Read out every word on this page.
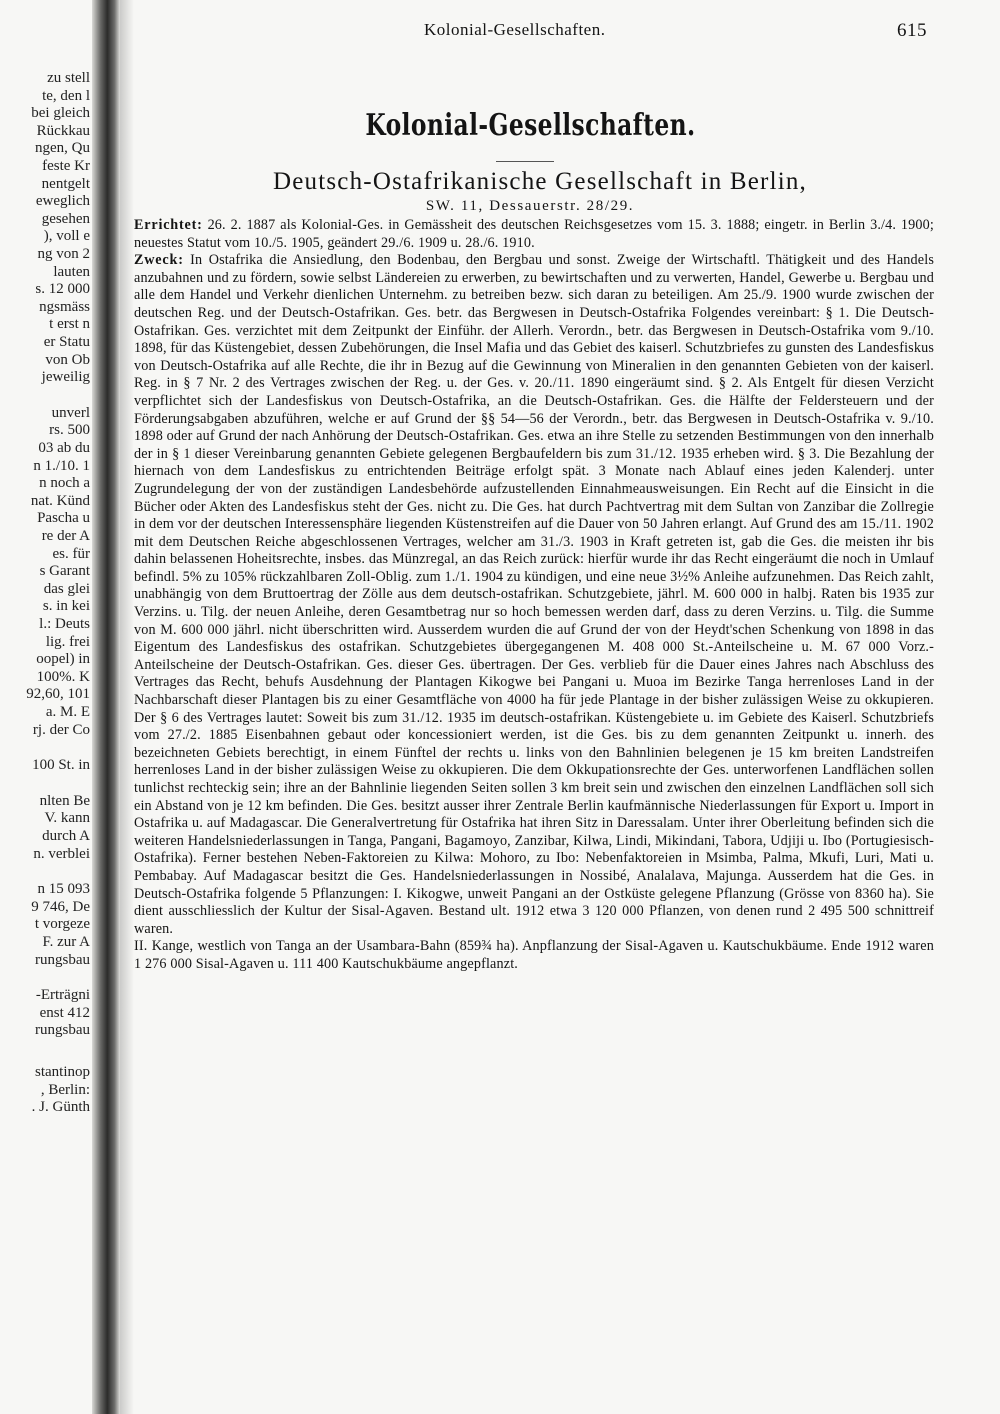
zu stell
te, den l
bei gleich
Rückkau
ngen, Qu
feste Kr
nentgelt
eweglich
gesehen
), voll e
ng von 2
lauten
s. 12 000
ngsmäss
t erst n
er Statu
von Ob
jeweilig
unverl
rs. 500
03 ab du
n 1./10. 1
n noch a
nat. Künd
Pascha u
re der A
es. für
s Garant
das glei
s. in kei
l.: Deuts
lig. frei
oopel) in
100%. K
92,60, 101
a. M. E
rj. der Co
100 St. in
nlten Be
V. kann
durch A
n. verblei
n 15 093
9 746, De
t vorgeze
F. zur A
rungsbau
-Erträgni
enst 412
rungsbau
stantinop
, Berlin:
. J. Günth
Kolonial-Gesellschaften.	615
Kolonial-Gesellschaften.
Deutsch-Ostafrikanische Gesellschaft in Berlin,
SW. 11, Dessauerstr. 28/29.

Errichtet: 26. 2. 1887 als Kolonial-Ges. in Gemässheit des deutschen Reichsgesetzes vom 15. 3. 1888; eingetr. in Berlin 3./4. 1900; neuestes Statut vom 10./5. 1905, geändert 29./6. 1909 u. 28./6. 1910.

Zweck: In Ostafrika die Ansiedlung, den Bodenbau, den Bergbau und sonst. Zweige der Wirtschaftl. Thätigkeit und des Handels anzubahnen und zu fördern, sowie selbst Ländereien zu erwerben, zu bewirtschaften und zu verwerten, Handel, Gewerbe u. Bergbau und alle dem Handel und Verkehr dienlichen Unternehm. zu betreiben bezw. sich daran zu beteiligen. Am 25./9. 1900 wurde zwischen der deutschen Reg. und der Deutsch-Ostafrikan. Ges. betr. das Bergwesen in Deutsch-Ostafrika Folgendes vereinbart: § 1. Die Deutsch-Ostafrikan. Ges. verzichtet mit dem Zeitpunkt der Einführ. der Allerh. Verordn., betr. das Bergwesen in Deutsch-Ostafrika vom 9./10. 1898, für das Küstengebiet, dessen Zubehörungen, die Insel Mafia und das Gebiet des kaiserl. Schutzbriefes zu gunsten des Landesfiskus von Deutsch-Ostafrika auf alle Rechte, die ihr in Bezug auf die Gewinnung von Mineralien in den genannten Gebieten von der kaiserl. Reg. in § 7 Nr. 2 des Vertrages zwischen der Reg. u. der Ges. v. 20./11. 1890 eingeräumt sind. § 2. Als Entgelt für diesen Verzicht verpflichtet sich der Landesfiskus von Deutsch-Ostafrika, an die Deutsch-Ostafrikan. Ges. die Hälfte der Feldersteuern und der Förderungsabgaben abzuführen, welche er auf Grund der §§ 54—56 der Verordn., betr. das Bergwesen in Deutsch-Ostafrika v. 9./10. 1898 oder auf Grund der nach Anhörung der Deutsch-Ostafrikan. Ges. etwa an ihre Stelle zu setzenden Bestimmungen von den innerhalb der in § 1 dieser Vereinbarung genannten Gebiete gelegenen Bergbaufeldern bis zum 31./12. 1935 erheben wird. § 3. Die Bezahlung der hiernach von dem Landesfiskus zu entrichtenden Beiträge erfolgt spät. 3 Monate nach Ablauf eines jeden Kalenderj. unter Zugrundelegung der von der zuständigen Landesbehörde aufzustellenden Einnahmeausweisungen. Ein Recht auf die Einsicht in die Bücher oder Akten des Landesfiskus steht der Ges. nicht zu. Die Ges. hat durch Pachtvertrag mit dem Sultan von Zanzibar die Zollregie in dem vor der deutschen Interessensphäre liegenden Küstenstreifen auf die Dauer von 50 Jahren erlangt. Auf Grund des am 15./11. 1902 mit dem Deutschen Reiche abgeschlossenen Vertrages, welcher am 31./3. 1903 in Kraft getreten ist, gab die Ges. die meisten ihr bis dahin belassenen Hoheitsrechte, insbes. das Münzregal, an das Reich zurück: hierfür wurde ihr das Recht eingeräumt die noch in Umlauf befindl. 5% zu 105% rückzahlbaren Zoll-Oblig. zum 1./1. 1904 zu kündigen, und eine neue 3½% Anleihe aufzunehmen. Das Reich zahlt, unabhängig von dem Bruttoertrag der Zölle aus dem deutsch-ostafrikan. Schutzgebiete, jährl. M. 600 000 in halbj. Raten bis 1935 zur Verzins. u. Tilg. der neuen Anleihe, deren Gesamtbetrag nur so hoch bemessen werden darf, dass zu deren Verzins. u. Tilg. die Summe von M. 600 000 jährl. nicht überschritten wird. Ausserdem wurden die auf Grund der von der Heydt'schen Schenkung von 1898 in das Eigentum des Landesfiskus des ostafrikan. Schutzgebietes übergegangenen M. 408 000 St.-Anteilscheine u. M. 67 000 Vorz.-Anteilscheine der Deutsch-Ostafrikan. Ges. dieser Ges. übertragen. Der Ges. verblieb für die Dauer eines Jahres nach Abschluss des Vertrages das Recht, behufs Ausdehnung der Plantagen Kikogwe bei Pangani u. Muoa im Bezirke Tanga herrenloses Land in der Nachbarschaft dieser Plantagen bis zu einer Gesamtfläche von 4000 ha für jede Plantage in der bisher zulässigen Weise zu okkupieren. Der § 6 des Vertrages lautet: Soweit bis zum 31./12. 1935 im deutsch-ostafrikan. Küstengebiete u. im Gebiete des Kaiserl. Schutzbriefs vom 27./2. 1885 Eisenbahnen gebaut oder koncessioniert werden, ist die Ges. bis zu dem genannten Zeitpunkt u. innerh. des bezeichneten Gebiets berechtigt, in einem Fünftel der rechts u. links von den Bahnlinien belegenen je 15 km breiten Landstreifen herrenloses Land in der bisher zulässigen Weise zu okkupieren. Die dem Okkupationsrechte der Ges. unterworfenen Landflächen sollen tunlichst rechteckig sein; ihre an der Bahnlinie liegenden Seiten sollen 3 km breit sein und zwischen den einzelnen Landflächen soll sich ein Abstand von je 12 km befinden. Die Ges. besitzt ausser ihrer Zentrale Berlin kaufmännische Niederlassungen für Export u. Import in Ostafrika u. auf Madagascar. Die Generalvertretung für Ostafrika hat ihren Sitz in Daressalam. Unter ihrer Oberleitung befinden sich die weiteren Handelsniederlassungen in Tanga, Pangani, Bagamoyo, Zanzibar, Kilwa, Lindi, Mikindani, Tabora, Udjiji u. Ibo (Portugiesisch-Ostafrika). Ferner bestehen Neben-Faktoreien zu Kilwa: Mohoro, zu Ibo: Nebenfaktoreien in Msimba, Palma, Mkufi, Luri, Mati u. Pembabay. Auf Madagascar besitzt die Ges. Handelsniederlassungen in Nossibé, Analalava, Majunga. Ausserdem hat die Ges. in Deutsch-Ostafrika folgende 5 Pflanzungen: I. Kikogwe, unweit Pangani an der Ostküste gelegene Pflanzung (Grösse von 8360 ha). Sie dient ausschliesslich der Kultur der Sisal-Agaven. Bestand ult. 1912 etwa 3 120 000 Pflanzen, von denen rund 2 495 500 schnittreif waren.

II. Kange, westlich von Tanga an der Usambara-Bahn (859¾ ha). Anpflanzung der Sisal-Agaven u. Kautschukbäume. Ende 1912 waren 1 276 000 Sisal-Agaven u. 111 400 Kautschukbäume angepflanzt.
